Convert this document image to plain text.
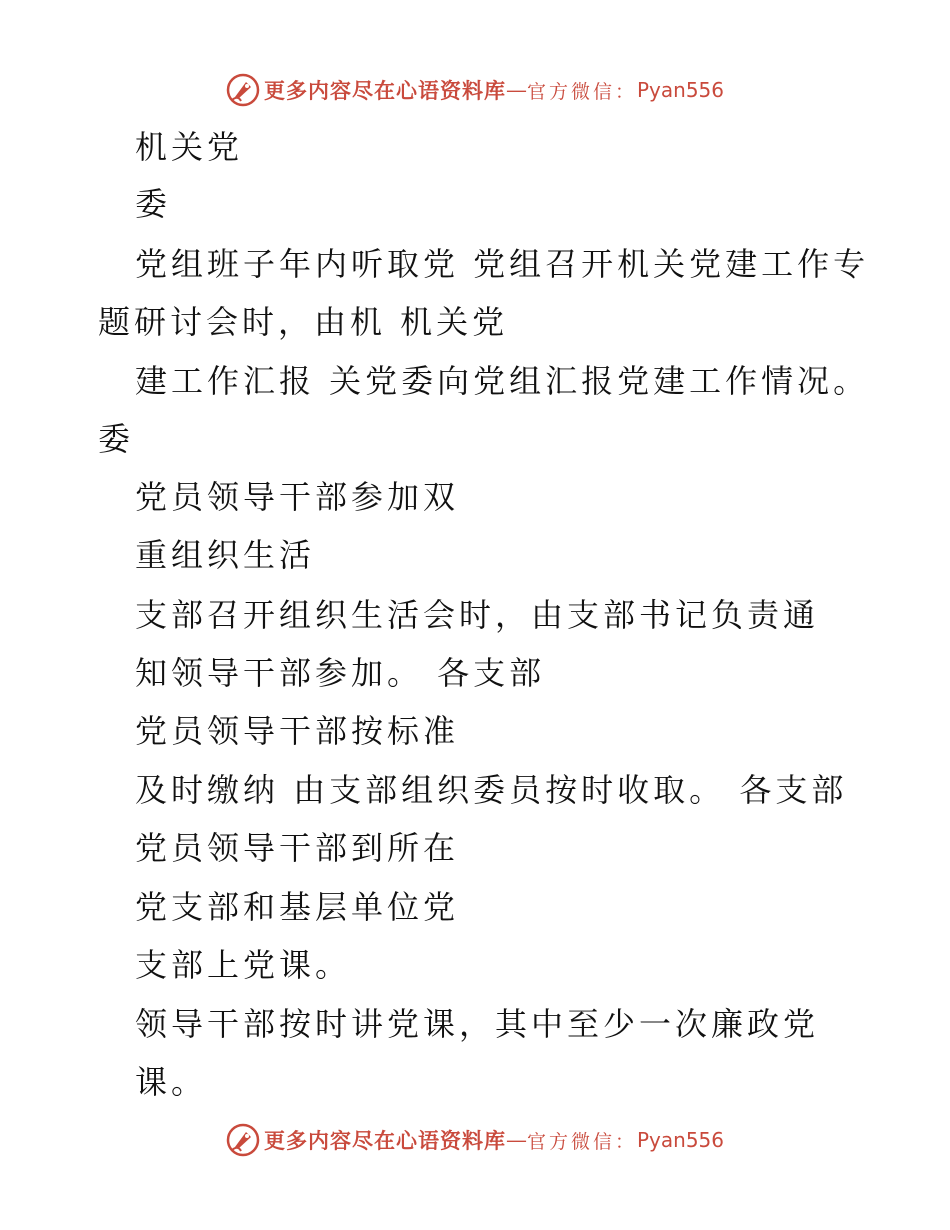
更多内容尽在心语资料库 — 官方微信： Pyan556
机关党
委
党组班子年内听取党 党组召开机关党建工作专
题研讨会时，由机 机关党
建工作汇报 关党委向党组汇报党建工作情况。
委
党员领导干部参加双
重组织生活
支部召开组织生活会时，由支部书记负责通
知领导干部参加。 各支部
党员领导干部按标准
及时缴纳 由支部组织委员按时收取。 各支部
党员领导干部到所在
党支部和基层单位党
支部上党课。
领导干部按时讲党课，其中至少一次廉政党
课。
更多内容尽在心语资料库 — 官方微信： Pyan556
